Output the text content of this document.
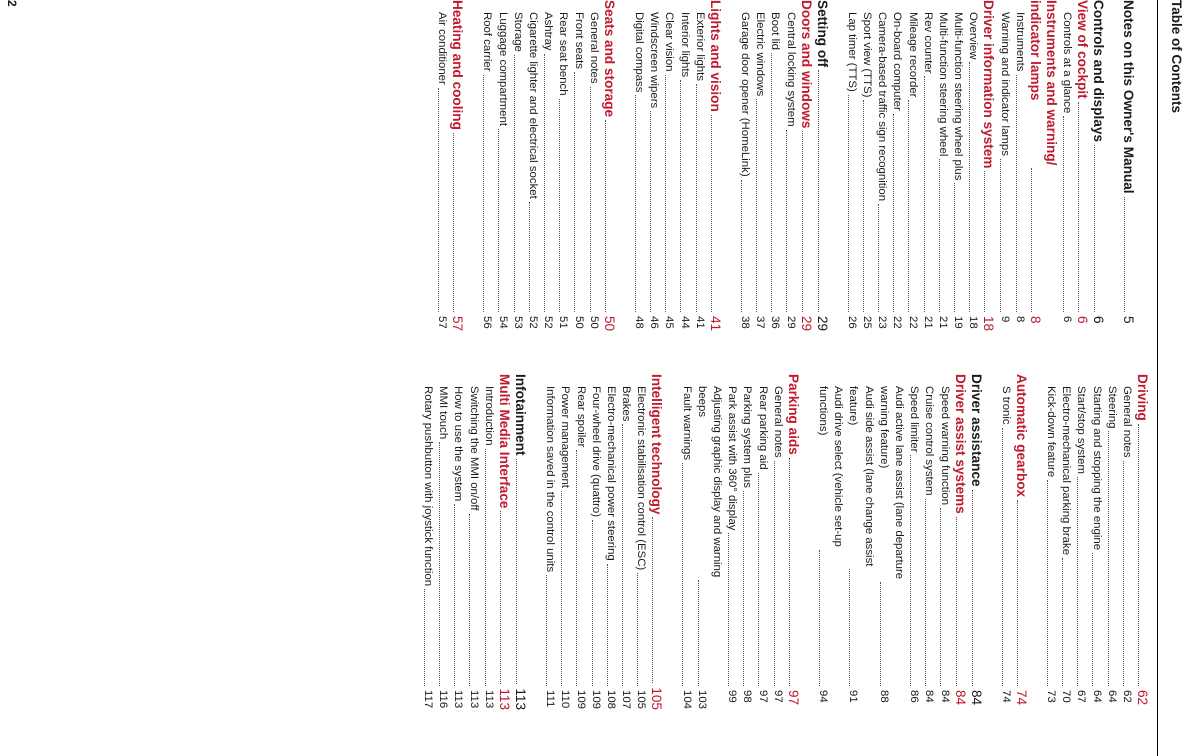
Table of Contents
Notes on this Owner's Manual
5
Controls and displays
6
View of cockpit
6
Controls at a glance
6
Instruments and warning/
indicator lamps
8
Instruments
8
Warning and indicator lamps
9
Driver information system
18
Overview
18
Multi-function steering wheel plus
19
Multi-function steering wheel
21
Rev counter
21
Mileage recorder
22
On-board computer
22
Camera-based traffic sign recognition
23
Sport view (TTS)
25
Lap timer (TTS)
26
Setting off
29
Doors and windows
29
Central locking system
29
Boot lid
36
Electric windows
37
Garage door opener (HomeLink)
38
Lights and vision
41
Exterior lights
41
Interior lights
44
Clear vision
45
Windscreen wipers
46
Digital compass
48
Seats and storage
50
General notes
50
Front seats
50
Rear seat bench
51
Ashtray
52
Cigarette lighter and electrical socket
52
Storage
53
Luggage compartment
54
Roof carrier
56
Heating and cooling
57
Air conditioner
57
Driving
62
General notes
62
Steering
64
Starting and stopping the engine
64
Start/stop system
67
Electro-mechanical parking brake
70
Kick-down feature
73
Automatic gearbox
74
S tronic
74
Driver assistance
84
Driver assist systems
84
Speed warning function
84
Cruise control system
84
Speed limiter
86
Audi active lane assist (lane departure
warning feature)
88
Audi side assist (lane change assist
feature)
91
Audi drive select (vehicle set-up
functions)
94
Parking aids
97
General notes
97
Rear parking aid
97
Parking system plus
98
Park assist with 360° display
99
Adjusting graphic display and warning
beeps
103
Fault warnings
104
Intelligent technology
105
Electronic stabilisation control (ESC)
105
Brakes
107
Electro-mechanical power steering
108
Four-wheel drive (quattro)
109
Rear spoiler
109
Power management
110
Information saved in the control units
111
Infotainment
113
Multi Media Interface
113
Introduction
113
Switching the MMI on/off
113
How to use the system
113
MMI touch
116
Rotary pushbutton with joystick function
117
2
